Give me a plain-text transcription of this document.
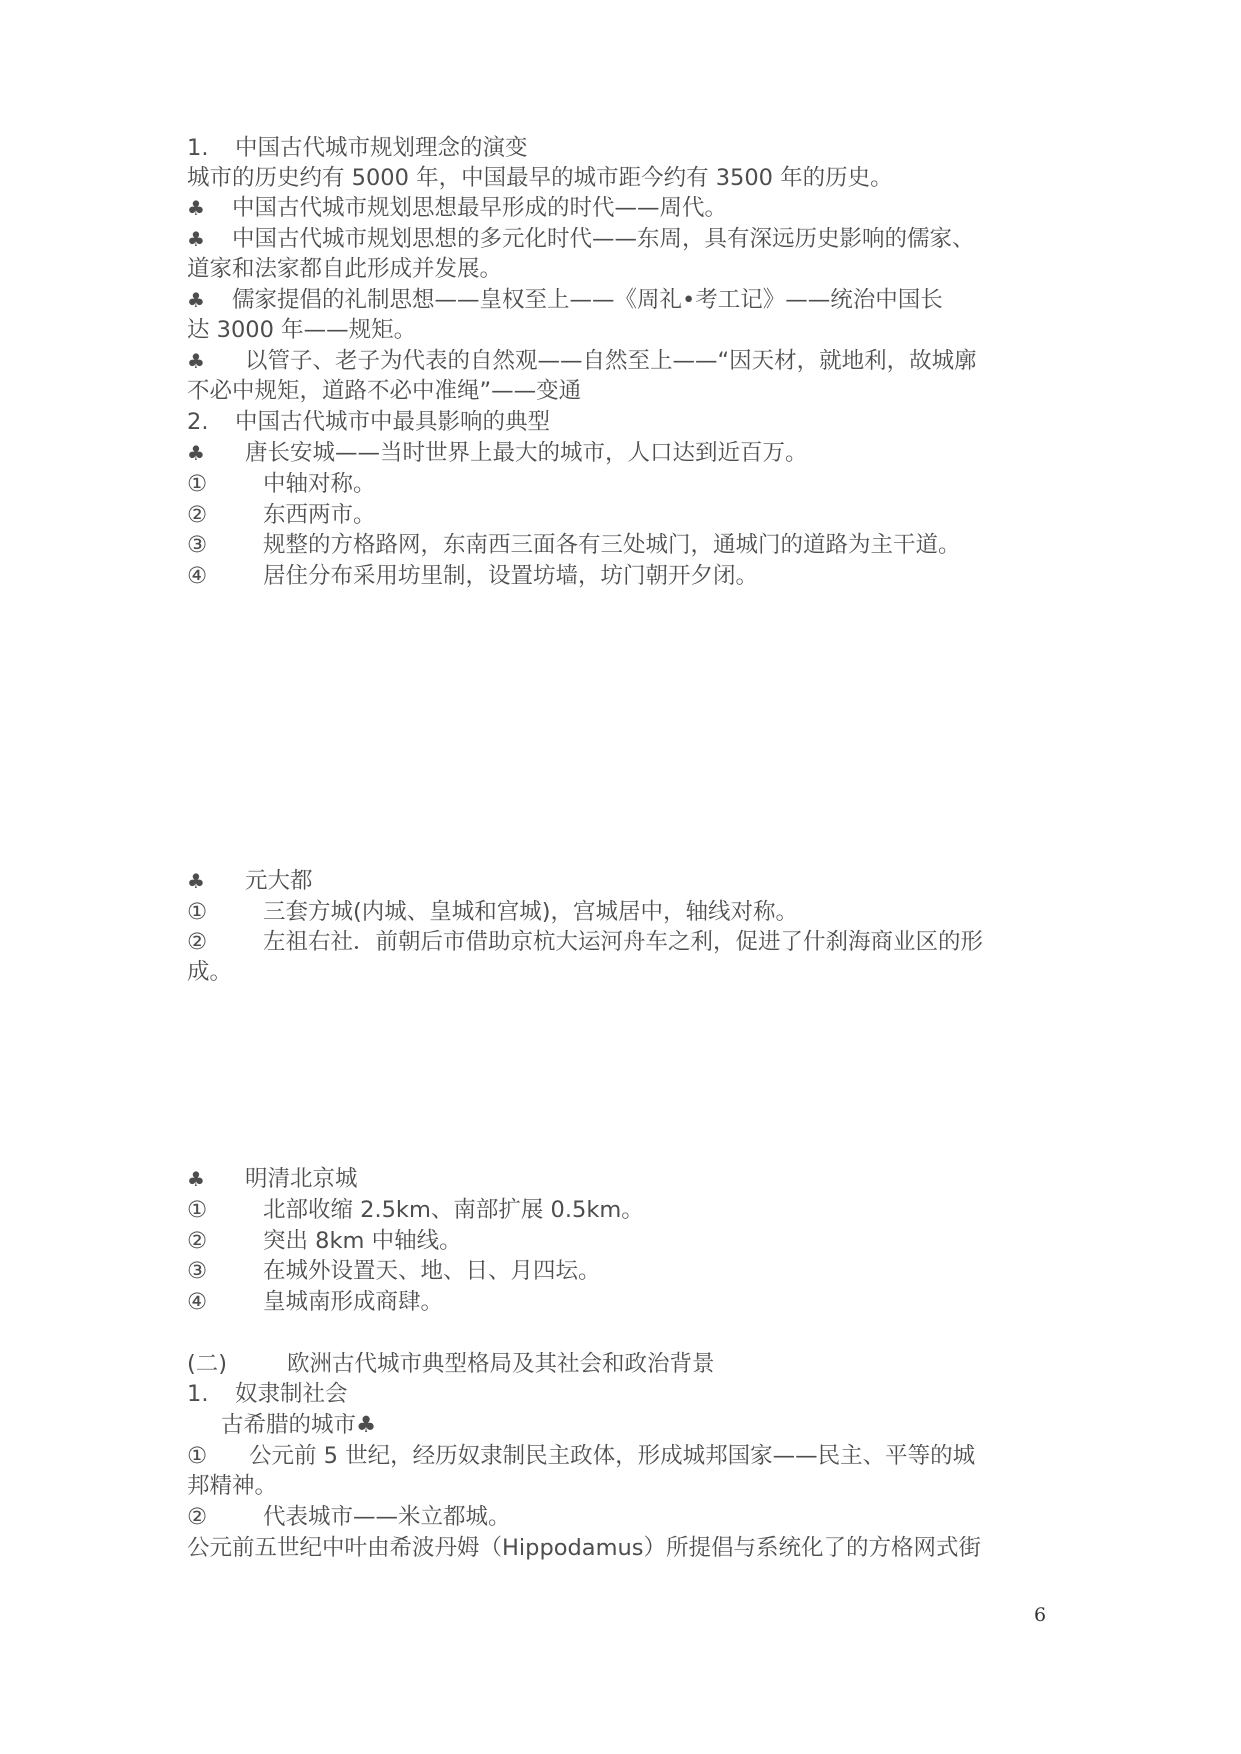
1. 中国古代城市规划理念的演变
城市的历史约有 5000 年，中国最早的城市距今约有 3500 年的历史。
♣ 中国古代城市规划思想最早形成的时代——周代。
♣ 中国古代城市规划思想的多元化时代——东周，具有深远历史影响的儒家、
道家和法家都自此形成并发展。
♣ 儒家提倡的礼制思想——皇权至上——《周礼•考工记》——统治中国长
达 3000 年——规矩。
♣ 以管子、老子为代表的自然观——自然至上——“因天材，就地利，故城廓
不必中规矩，道路不必中准绳”——变通
2. 中国古代城市中最具影响的典型
♣ 唐长安城——当时世界上最大的城市，人口达到近百万。
① 中轴对称。
② 东西两市。
③ 规整的方格路网，东南西三面各有三处城门，通城门的道路为主干道。
④ 居住分布采用坊里制，设置坊墙，坊门朝开夕闭。
♣ 元大都
① 三套方城(内城、皇城和宫城)，宫城居中，轴线对称。
② 左祖右社．前朝后市借助京杭大运河舟车之利，促进了什刹海商业区的形
成。
♣ 明清北京城
① 北部收缩 2.5km、南部扩展 0.5km。
② 突出 8km 中轴线。
③ 在城外设置天、地、日、月四坛。
④ 皇城南形成商肆。
(二)	欧洲古代城市典型格局及其社会和政治背景
1. 奴隶制社会
古希腊的城市♣
① 公元前 5 世纪，经历奴隶制民主政体，形成城邦国家——民主、平等的城
邦精神。
② 代表城市——米立都城。
公元前五世纪中叶由希波丹姆（Hippodamus）所提倡与系统化了的方格网式街
6
